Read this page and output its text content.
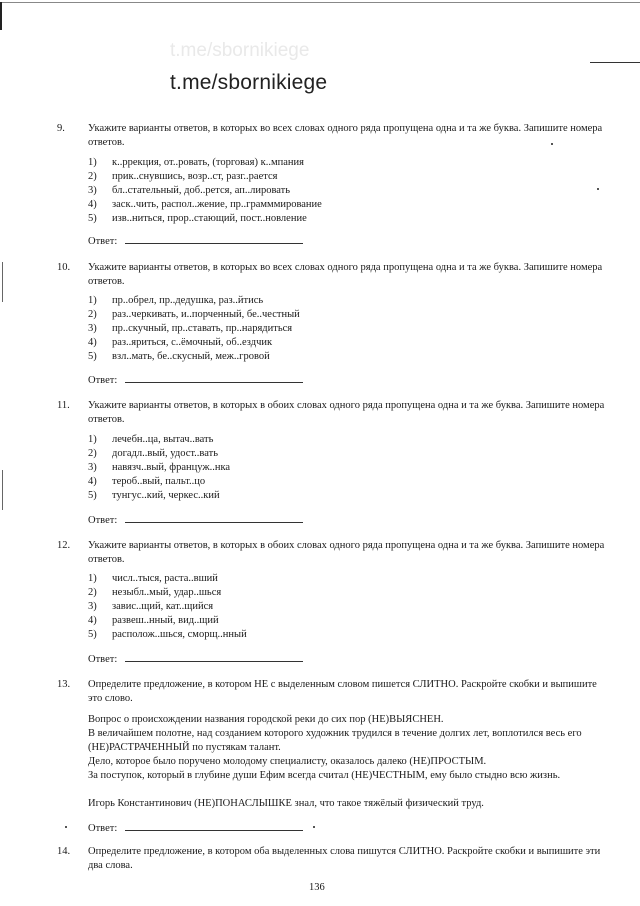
t.me/sbornikiege
t.me/sbornikiege
9. Укажите варианты ответов, в которых во всех словах одного ряда пропущена одна и та же буква. Запишите номера ответов.
1) к..ррекция, от..ровать, (торговая) к..мпания
2) прик..снувшись, возр..ст, разг..рается
3) бл..стательный, доб..рется, ап..лировать
4) заск..чить, распол..жение, пр..грамммирование
5) изв..ниться, прор..стающий, пост..новление
Ответ:
10. Укажите варианты ответов, в которых во всех словах одного ряда пропущена одна и та же буква. Запишите номера ответов.
1) пр..обрел, пр..дедушка, раз..йтись
2) раз..черкивать, и..порченный, бе..честный
3) пр..скучный, пр..ставать, пр..нарядиться
4) раз..яриться, с..ёмочный, об..ездчик
5) взл..мать, бе..скусный, меж..гровой
Ответ:
11. Укажите варианты ответов, в которых в обоих словах одного ряда пропущена одна и та же буква. Запишите номера ответов.
1) лечебн..ца, вытач..вать
2) догадл..вый, удост..вать
3) навязч..вый, француж..нка
4) тероб..вый, пальт..цо
5) тунгус..кий, черкес..кий
Ответ:
12. Укажите варианты ответов, в которых в обоих словах одного ряда пропущена одна и та же буква. Запишите номера ответов.
1) числ..тыся, раста..вший
2) незыбл..мый, удар..шься
3) завис..щий, кат..щийся
4) развеш..нный, вид..щий
5) располож..шься, сморщ..нный
Ответ:
13. Определите предложение, в котором НЕ с выделенным словом пишется СЛИТНО. Раскройте скобки и выпишите это слово.
Вопрос о происхождении названия городской реки до сих пор (НЕ)ВЫЯСНЕН.
В величайшем полотне, над созданием которого художник трудился в течение долгих лет, воплотился весь его (НЕ)РАСТРАЧЕННЫЙ по пустякам талант.
Дело, которое было поручено молодому специалисту, оказалось далеко (НЕ)ПРОСТЫМ.
За поступок, который в глубине души Ефим всегда считал (НЕ)ЧЕСТНЫМ, ему было стыдно всю жизнь.
Игорь Константинович (НЕ)ПОНАСЛЫШКЕ знал, что такое тяжёлый физический труд.
Ответ:
14. Определите предложение, в котором оба выделенных слова пишутся СЛИТНО. Раскройте скобки и выпишите эти два слова.
136
